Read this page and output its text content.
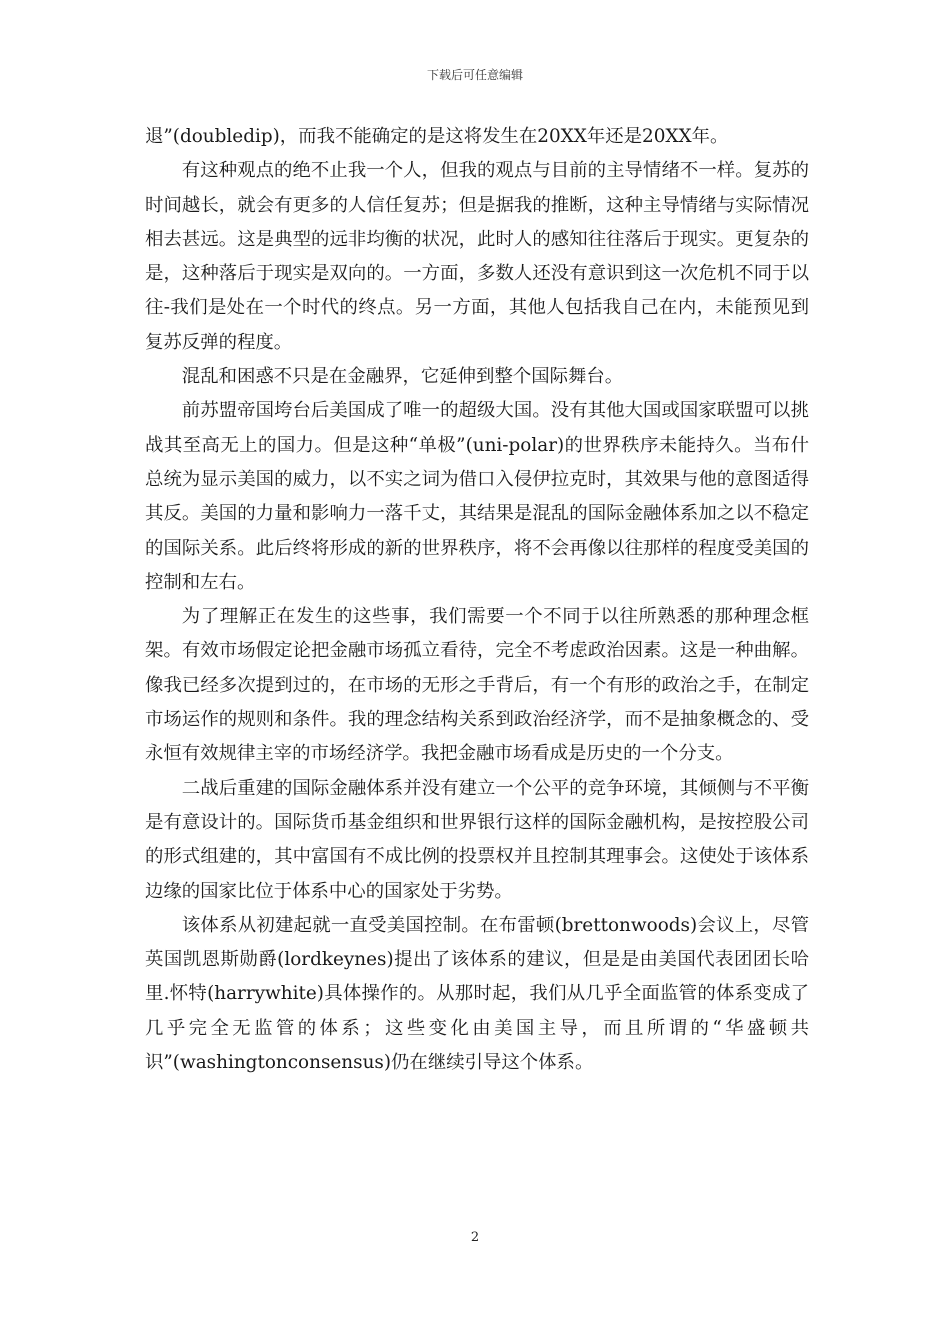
下载后可任意编辑

退”(doubledip)，而我不能确定的是这将发生在20XX年还是20XX年。

有这种观点的绝不止我一个人，但我的观点与目前的主导情绪不一样。复苏的时间越长，就会有更多的人信任复苏；但是据我的推断，这种主导情绪与实际情况相去甚远。这是典型的远非均衡的状况，此时人的感知往往落后于现实。更复杂的是，这种落后于现实是双向的。一方面，多数人还没有意识到这一次危机不同于以往-我们是处在一个时代的终点。另一方面，其他人包括我自己在内，未能预见到复苏反弹的程度。

混乱和困惑不只是在金融界，它延伸到整个国际舞台。

前苏盟帝国垮台后美国成了唯一的超级大国。没有其他大国或国家联盟可以挑战其至高无上的国力。但是这种“单极”(uni-polar)的世界秩序未能持久。当布什总统为显示美国的威力，以不实之词为借口入侵伊拉克时，其效果与他的意图适得其反。美国的力量和影响力一落千丈，其结果是混乱的国际金融体系加之以不稳定的国际关系。此后终将形成的新的世界秩序，将不会再像以往那样的程度受美国的控制和左右。

为了理解正在发生的这些事，我们需要一个不同于以往所熟悉的那种理念框架。有效市场假定论把金融市场孤立看待，完全不考虑政治因素。这是一种曲解。像我已经多次提到过的，在市场的无形之手背后，有一个有形的政治之手，在制定市场运作的规则和条件。我的理念结构关系到政治经济学，而不是抽象概念的、受永恒有效规律主宰的市场经济学。我把金融市场看成是历史的一个分支。

二战后重建的国际金融体系并没有建立一个公平的竞争环境，其倾侧与不平衡是有意设计的。国际货币基金组织和世界银行这样的国际金融机构，是按控股公司的形式组建的，其中富国有不成比例的投票权并且控制其理事会。这使处于该体系边缘的国家比位于体系中心的国家处于劣势。

该体系从初建起就一直受美国控制。在布雷顿(brettonwoods)会议上，尽管英国凯恩斯勋爵(lordkeynes)提出了该体系的建议，但是是由美国代表团团长哈里.怀特(harrywhite)具体操作的。从那时起，我们从几乎全面监管的体系变成了几乎完全无监管的体系；这些变化由美国主导，而且所谓的“华盛顿共识”(washingtonconsensus)仍在继续引导这个体系。

2
